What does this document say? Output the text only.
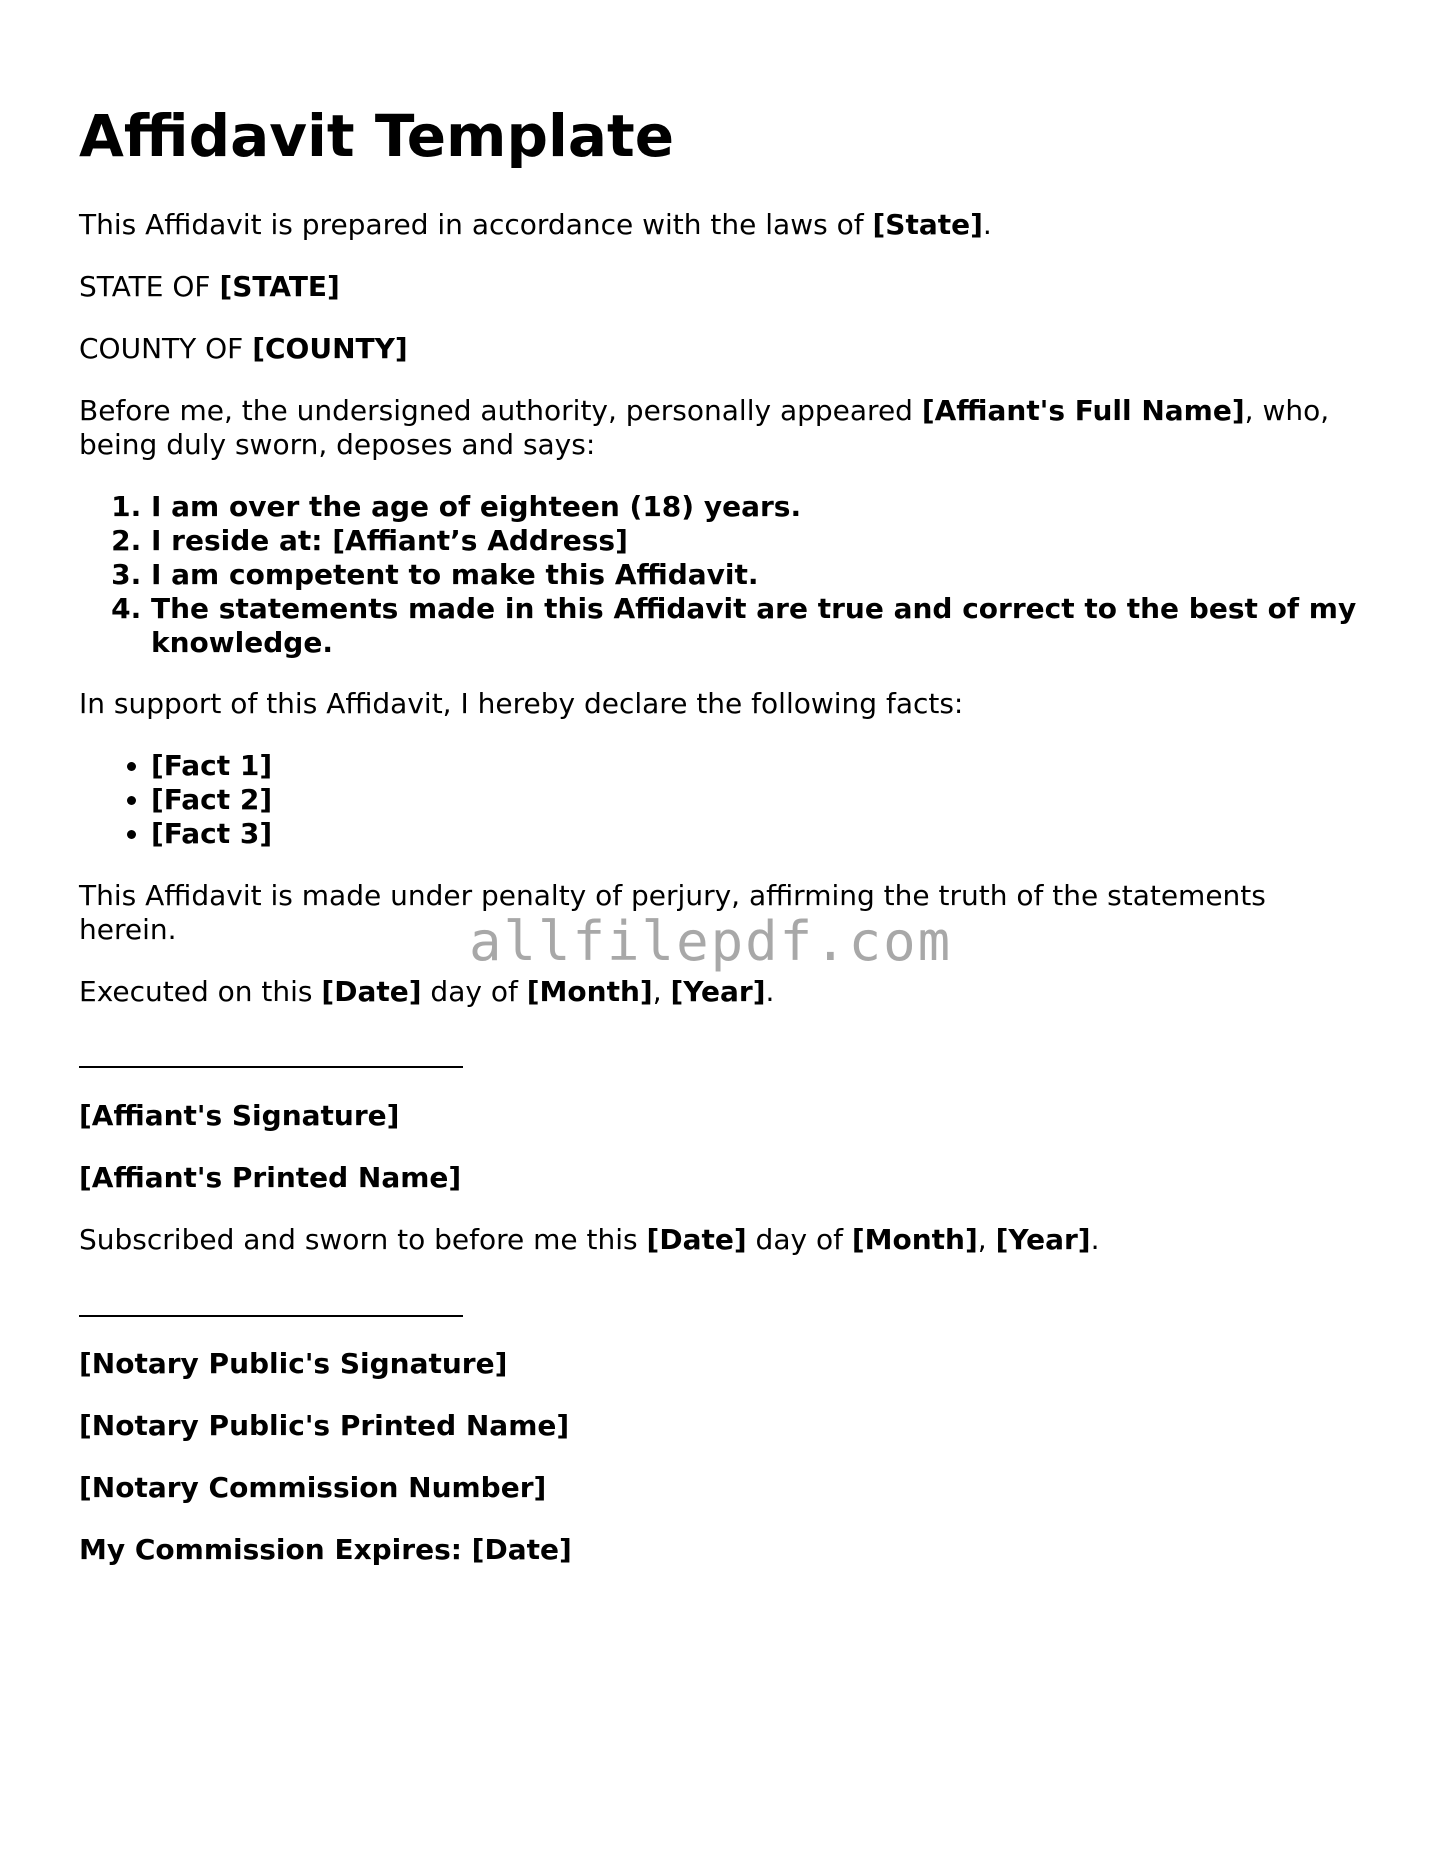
Affidavit Template

This Affidavit is prepared in accordance with the laws of [State].

STATE OF [STATE]

COUNTY OF [COUNTY]

Before me, the undersigned authority, personally appeared [Affiant's Full Name], who, being duly sworn, deposes and says:

1. I am over the age of eighteen (18) years.
2. I reside at: [Affiant’s Address]
3. I am competent to make this Affidavit.
4. The statements made in this Affidavit are true and correct to the best of my knowledge.

In support of this Affidavit, I hereby declare the following facts:

• [Fact 1]
• [Fact 2]
• [Fact 3]

This Affidavit is made under penalty of perjury, affirming the truth of the statements herein.

Executed on this [Date] day of [Month], [Year].

[Affiant's Signature]

[Affiant's Printed Name]

Subscribed and sworn to before me this [Date] day of [Month], [Year].

[Notary Public's Signature]

[Notary Public's Printed Name]

[Notary Commission Number]

My Commission Expires: [Date]

allfilepdf.com
